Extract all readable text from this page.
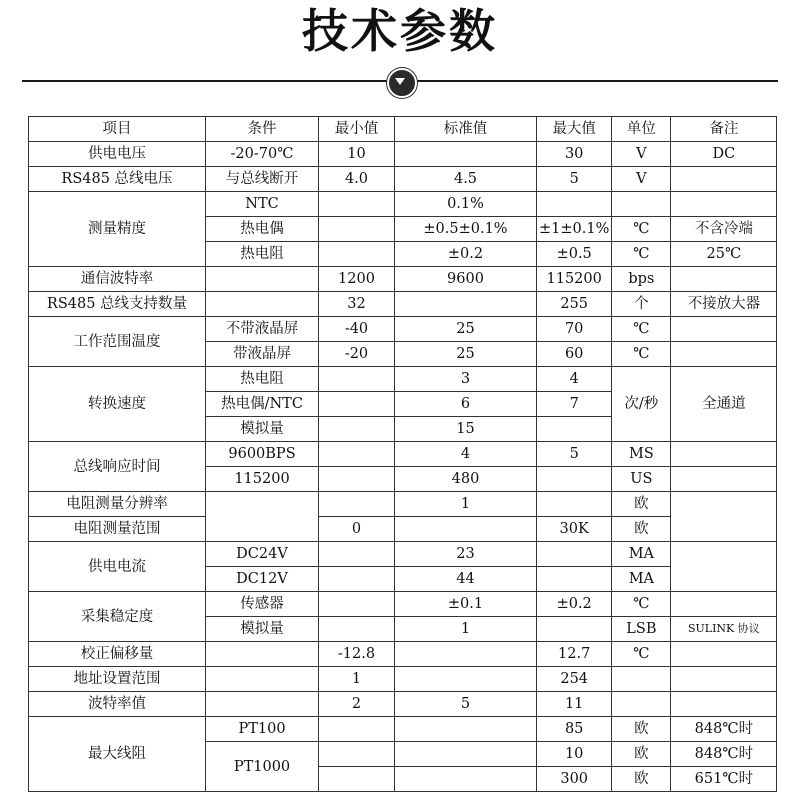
技术参数
项目	条件	最小值	标准值	最大值	单位	备注
供电电压	-20-70℃	10		30	V	DC
RS485 总线电压	与总线断开	4.0	4.5	5	V	
测量精度	NTC		0.1%			
	热电偶		±0.5±0.1%	±1±0.1%	℃	不含冷端
	热电阻		±0.2	±0.5	℃	25℃
通信波特率		1200	9600	115200	bps	
RS485 总线支持数量		32		255	个	不接放大器
工作范围温度	不带液晶屏	-40	25	70	℃	
	带液晶屏	-20	25	60	℃	
转换速度	热电阻		3	4	次/秒	全通道
	热电偶/NTC		6	7		
	模拟量		15			
总线响应时间	9600BPS		4	5	MS	
	115200		480		US	
电阻测量分辨率			1		欧	
电阻测量范围		0		30K	欧	
供电电流	DC24V		23		MA	
	DC12V		44		MA	
采集稳定度	传感器		±0.1	±0.2	℃	
	模拟量		1		LSB	SULINK 协议
校正偏移量		-12.8		12.7	℃	
地址设置范围		1		254		
波特率值		2	5	11		
最大线阻	PT100			85	欧	848℃时
	PT1000			10	欧	848℃时
				300	欧	651℃时
